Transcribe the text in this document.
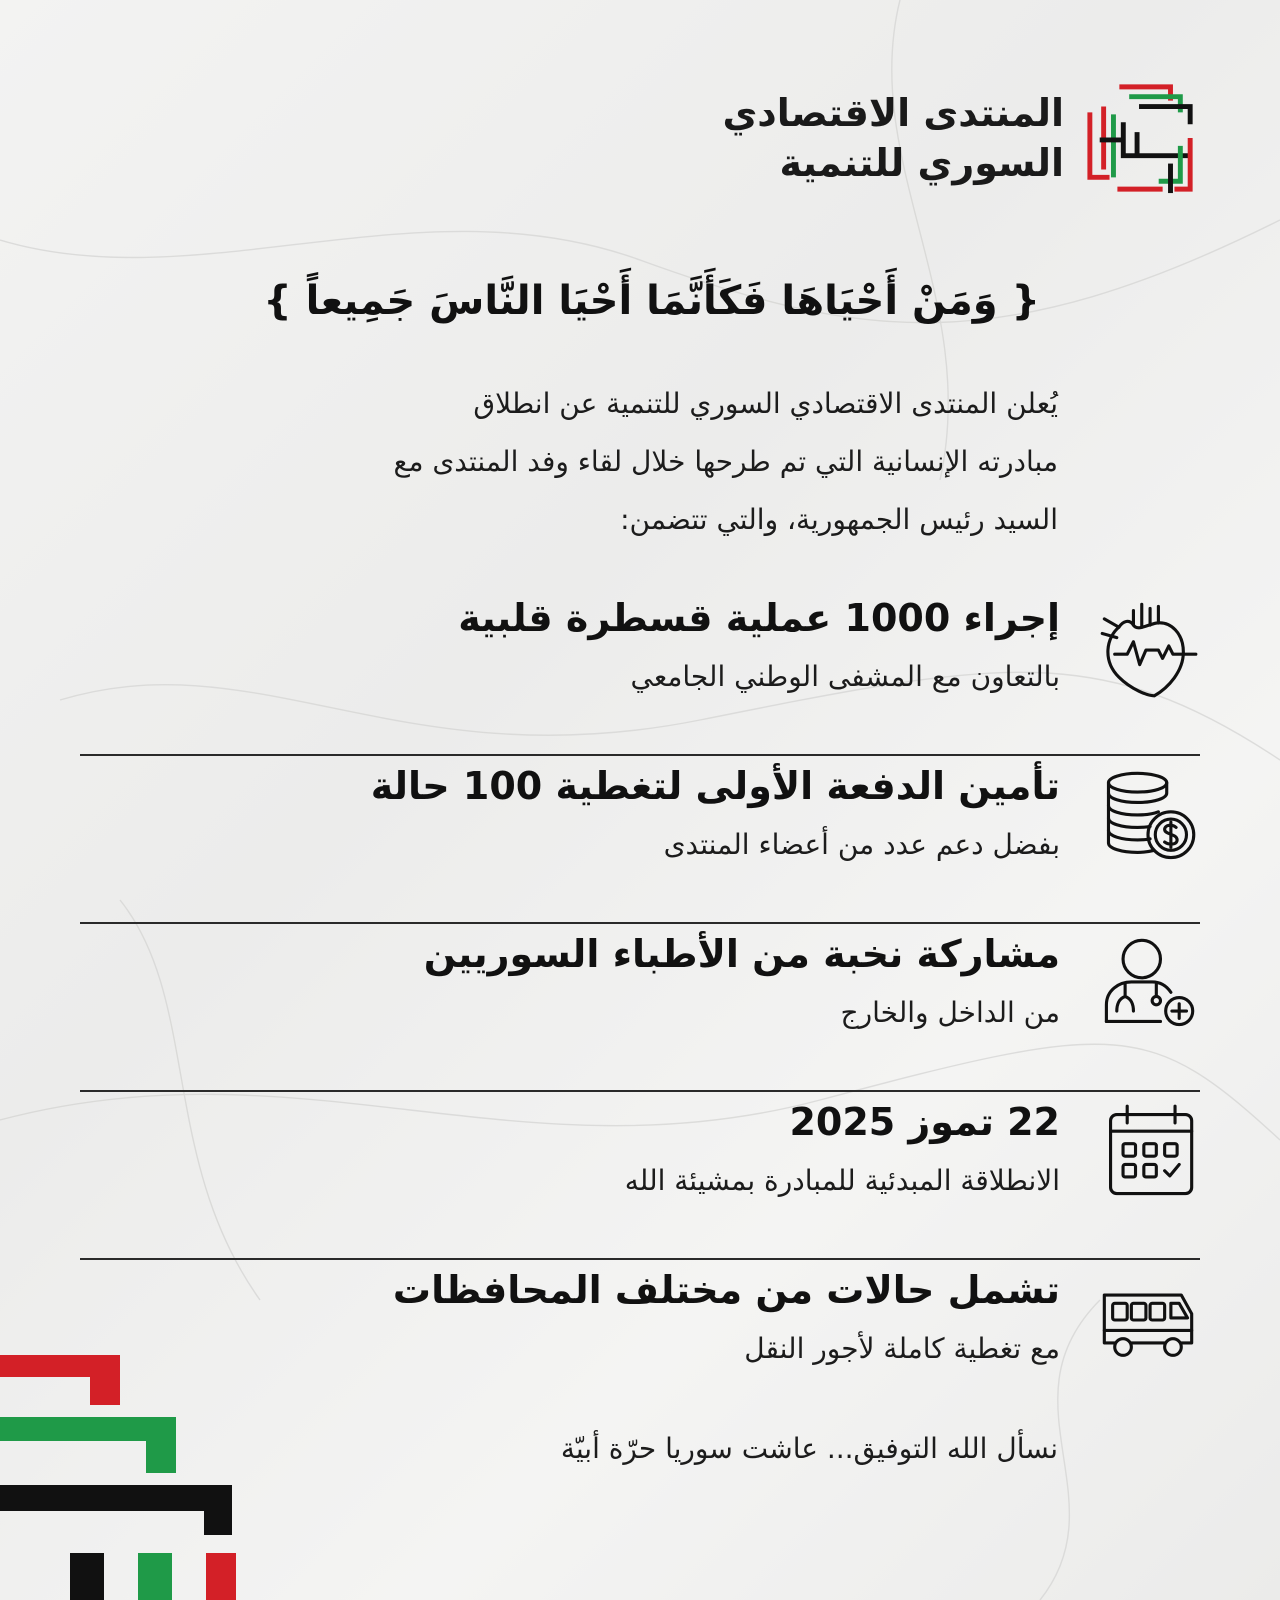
المنتدى الاقتصادي
السوري للتنمية
{ وَمَنْ أَحْيَاهَا فَكَأَنَّمَا أَحْيَا النَّاسَ جَمِيعاً }
يُعلن المنتدى الاقتصادي السوري للتنمية عن انطلاق
مبادرته الإنسانية التي تم طرحها خلال لقاء وفد المنتدى مع
السيد رئيس الجمهورية، والتي تتضمن:
إجراء 1000 عملية قسطرة قلبية
بالتعاون مع المشفى الوطني الجامعي
تأمين الدفعة الأولى لتغطية 100 حالة
بفضل دعم عدد من أعضاء المنتدى
مشاركة نخبة من الأطباء السوريين
من الداخل والخارج
22 تموز 2025
الانطلاقة المبدئية للمبادرة بمشيئة الله
تشمل حالات من مختلف المحافظات
مع تغطية كاملة لأجور النقل
نسأل الله التوفيق... عاشت سوريا حرّة أبيّة
